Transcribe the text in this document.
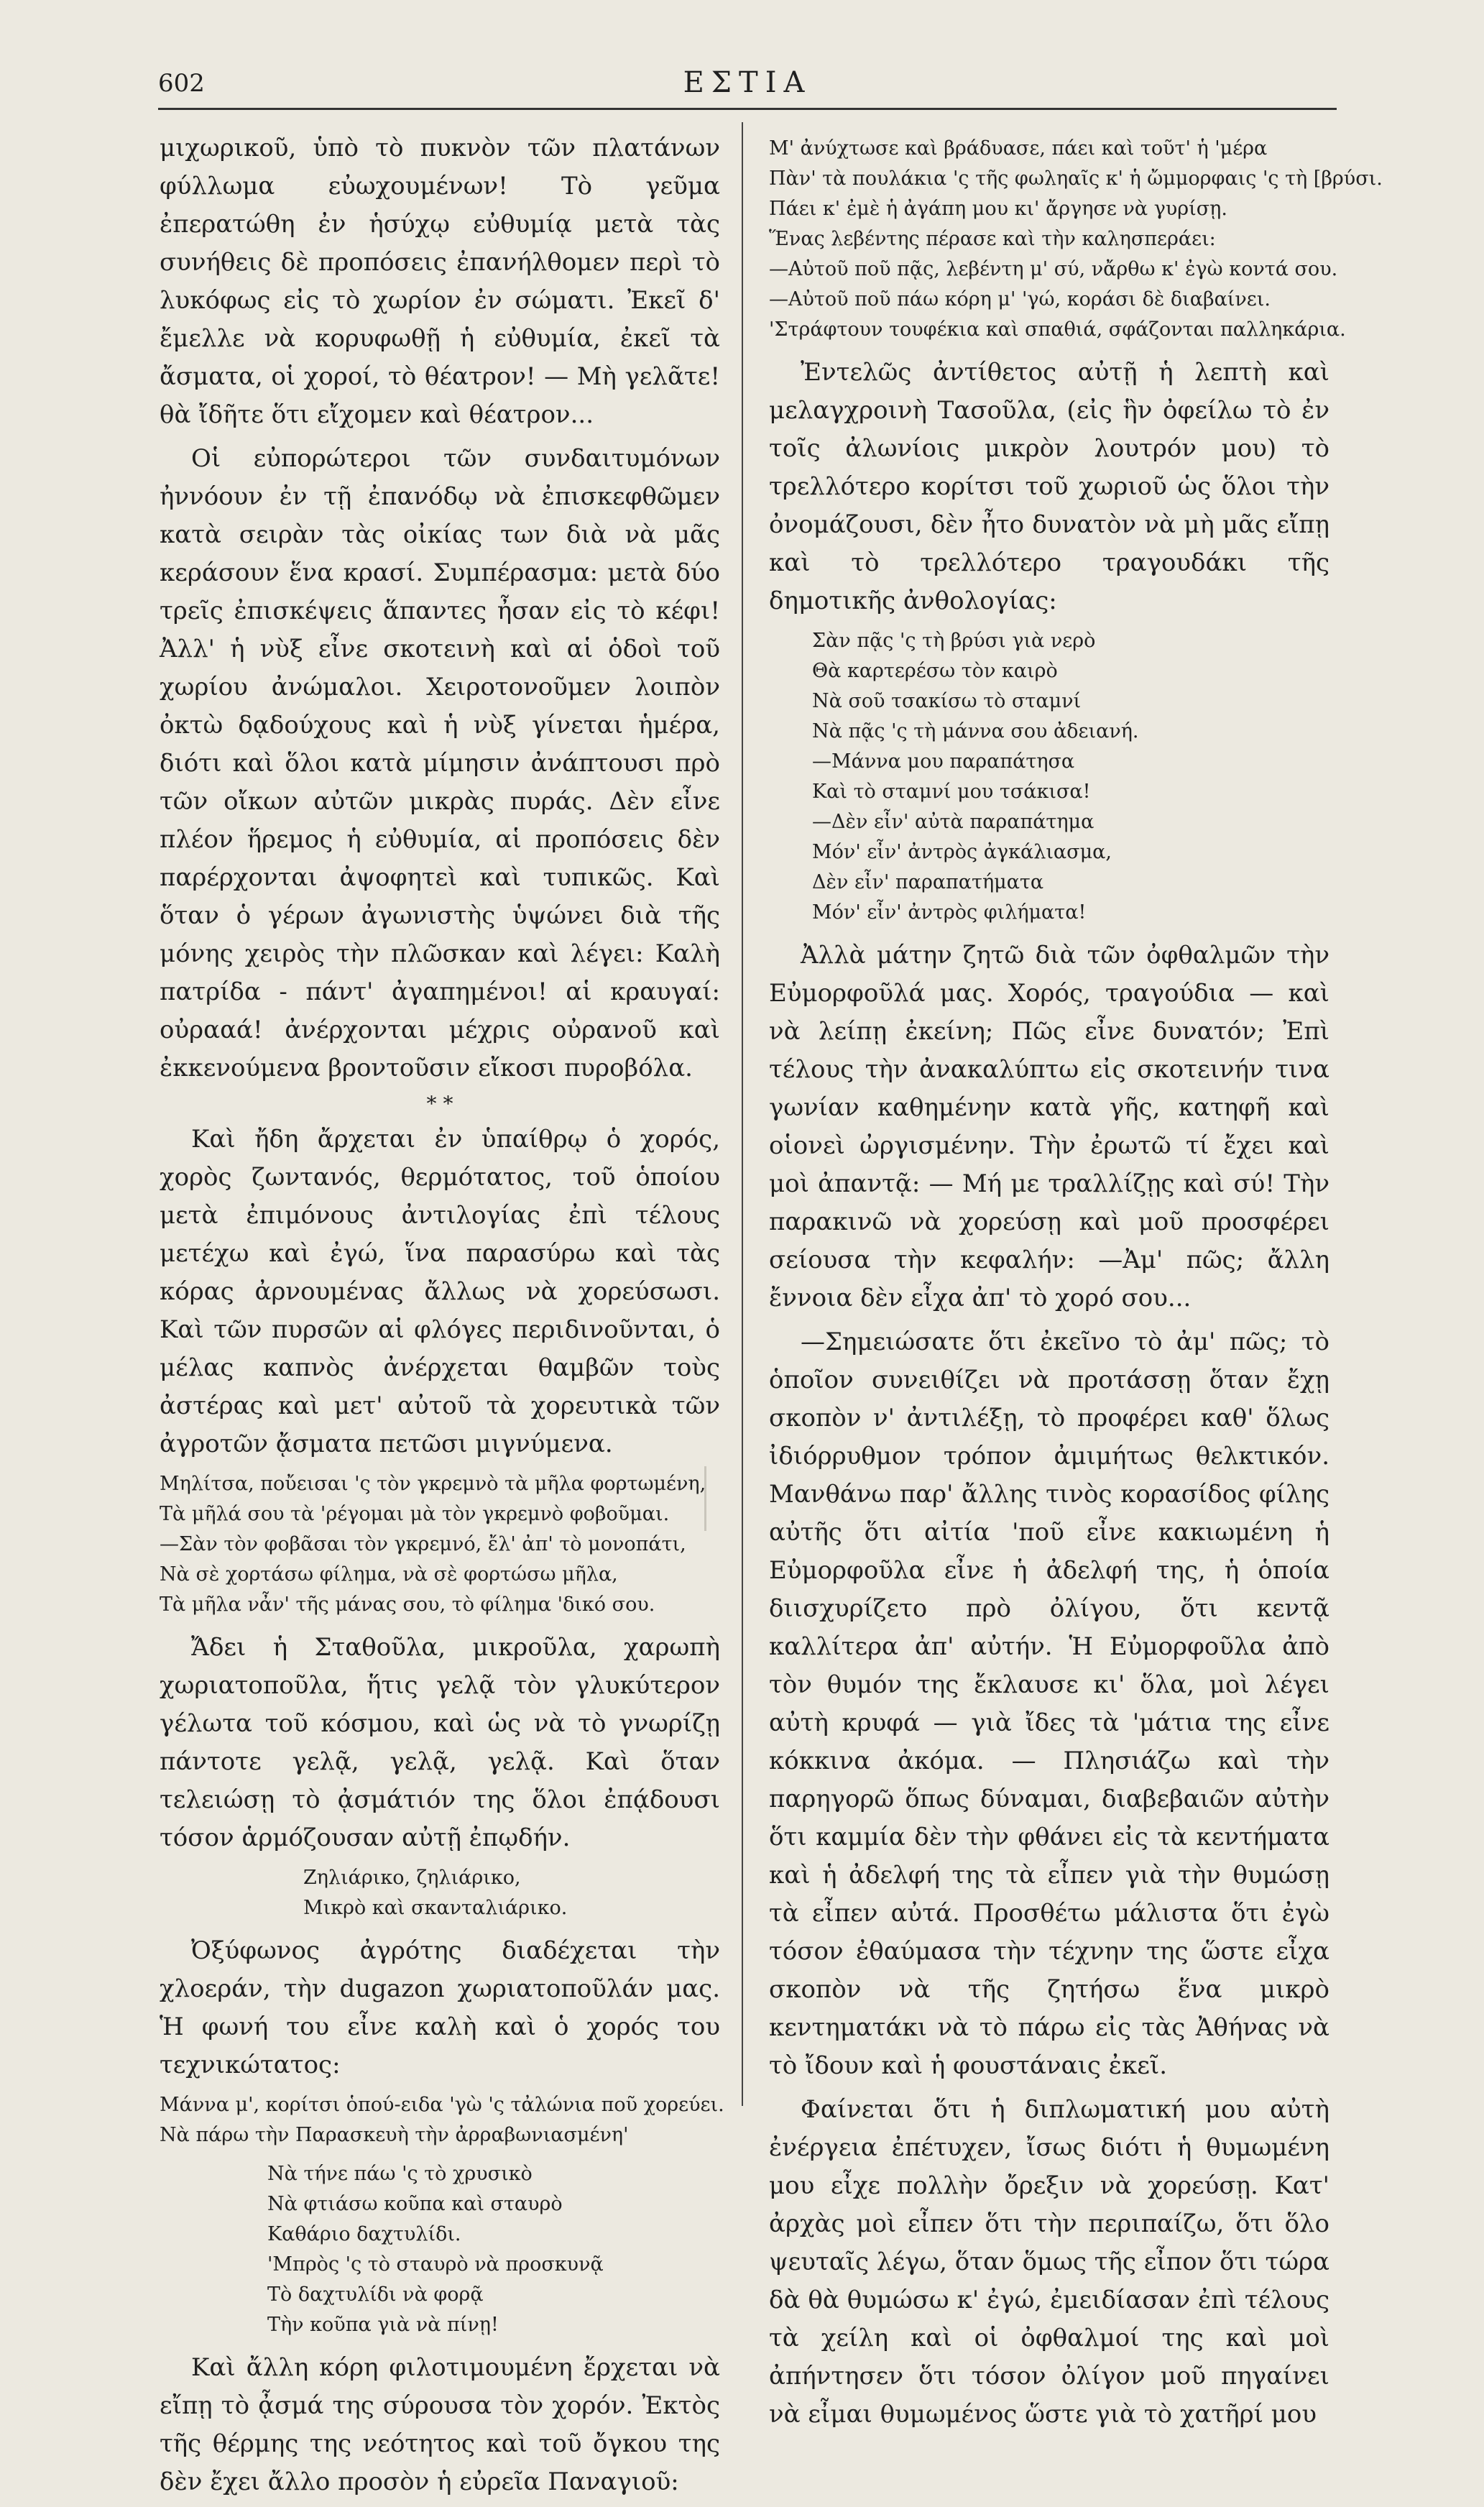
602	ΕΣΤΙΑ

μιχωρικοῦ, ὑπὸ τὸ πυκνὸν τῶν πλατάνων φύλλωμα εὐωχουμένων! Τὸ γεῦμα ἐπερατώθη ἐν ἡσύχῳ εὐθυμίᾳ μετὰ τὰς συνήθεις δὲ προπόσεις ἐπανήλθομεν περὶ τὸ λυκόφως εἰς τὸ χωρίον ἐν σώματι. Ἐκεῖ δ' ἔμελλε νὰ κορυφωθῇ ἡ εὐθυμία, ἐκεῖ τὰ ἄσματα, οἱ χοροί, τὸ θέατρον! — Μὴ γελᾶτε! θὰ ἴδῆτε ὅτι εἴχομεν καὶ θέατρον...

Οἱ εὐπορώτεροι τῶν συνδαιτυμόνων ἠννόουν ἐν τῇ ἐπανόδῳ νὰ ἐπισκεφθῶμεν κατὰ σειρὰν τὰς οἰκίας των διὰ νὰ μᾶς κεράσουν ἕνα κρασί. Συμπέρασμα: μετὰ δύο τρεῖς ἐπισκέψεις ἅπαντες ἦσαν εἰς τὸ κέφι! Ἀλλ' ἡ νὺξ εἶνε σκοτεινὴ καὶ αἱ ὁδοὶ τοῦ χωρίου ἀνώμαλοι. Χειροτονοῦμεν λοιπὸν ὀκτὼ δᾳδούχους καὶ ἡ νὺξ γίνεται ἡμέρα, διότι καὶ ὅλοι κατὰ μίμησιν ἀνάπτουσι πρὸ τῶν οἴκων αὐτῶν μικρὰς πυράς. Δὲν εἶνε πλέον ἥρεμος ἡ εὐθυμία, αἱ προπόσεις δὲν παρέρχονται ἀψοφητεὶ καὶ τυπικῶς. Καὶ ὅταν ὁ γέρων ἀγωνιστὴς ὑψώνει διὰ τῆς μόνης χειρὸς τὴν πλῶσκαν καὶ λέγει: Καλὴ πατρίδα - πάντ' ἀγαπημένοι! αἱ κραυγαί: οὐρααά! ἀνέρχονται μέχρις οὐρανοῦ καὶ ἐκκενούμενα βροντοῦσιν εἴκοσι πυροβόλα.

* *

Καὶ ἤδη ἄρχεται ἐν ὑπαίθρῳ ὁ χορός, χορὸς ζωντανός, θερμότατος, τοῦ ὁποίου μετὰ ἐπιμόνους ἀντιλογίας ἐπὶ τέλους μετέχω καὶ ἐγώ, ἵνα παρασύρω καὶ τὰς κόρας ἀρνουμένας ἄλλως νὰ χορεύσωσι. Καὶ τῶν πυρσῶν αἱ φλόγες περιδινοῦνται, ὁ μέλας καπνὸς ἀνέρχεται θαμβῶν τοὺς ἀστέρας καὶ μετ' αὐτοῦ τὰ χορευτικὰ τῶν ἀγροτῶν ᾄσματα πετῶσι μιγνύμενα.

Μηλίτσα, ποὔεισαι 'ς τὸν γκρεμνὸ τὰ μῆλα φορτωμένη,
Τὰ μῆλά σου τὰ 'ρέγομαι μὰ τὸν γκρεμνὸ φοβοῦμαι.
—Σὰν τὸν φοβᾶσαι τὸν γκρεμνό, ἔλ' ἀπ' τὸ μονοπάτι,
Νὰ σὲ χορτάσω φίλημα, νὰ σὲ φορτώσω μῆλα,
Τὰ μῆλα νἆν' τῆς μάνας σου, τὸ φίλημα 'δικό σου.

Ἄδει ἡ Σταθοῦλα, μικροῦλα, χαρωπὴ χωριατοποῦλα, ἥτις γελᾷ τὸν γλυκύτερον γέλωτα τοῦ κόσμου, καὶ ὡς νὰ τὸ γνωρίζῃ πάντοτε γελᾷ, γελᾷ, γελᾷ. Καὶ ὅταν τελειώσῃ τὸ ᾀσμάτιόν της ὅλοι ἐπᾴδουσι τόσον ἁρμόζουσαν αὐτῇ ἐπῳδήν.

Ζηλιάρικο, ζηλιάρικο,
Μικρὸ καὶ σκανταλιάρικο.

Ὀξύφωνος ἀγρότης διαδέχεται τὴν χλοεράν, τὴν dugazon χωριατοποῦλάν μας. Ἡ φωνή του εἶνε καλὴ καὶ ὁ χορός του τεχνικώτατος:

Μάννα μ', κορίτσι ὁπού-ειδα 'γὼ 'ς τἀλώνια ποῦ χορεύει.
Νὰ πάρω τὴν Παρασκευὴ τὴν ἀρραβωνιασμένη'
Νὰ τήνε πάω 'ς τὸ χρυσικὸ
Νὰ φτιάσω κοῦπα καὶ σταυρὸ
Καθάριο δαχτυλίδι.
'Μπρὸς 'ς τὸ σταυρὸ νὰ προσκυνᾷ
Τὸ δαχτυλίδι νὰ φορᾷ
Τὴν κοῦπα γιὰ νὰ πίνῃ!

Καὶ ἄλλη κόρη φιλοτιμουμένη ἔρχεται νὰ εἴπῃ τὸ ᾆσμά της σύρουσα τὸν χορόν. Ἐκτὸς τῆς θέρμης της νεότητος καὶ τοῦ ὄγκου της δὲν ἔχει ἄλλο προσὸν ἡ εὐρεῖα Παναγιοῦ:

Μ' ἀνύχτωσε καὶ βράδυασε, πάει καὶ τοῦτ' ἡ 'μέρα
Πὰν' τὰ πουλάκια 'ς τῆς φωληαῖς κ' ἡ ὤμμορφαις 'ς τὴ [βρύσι.
Πάει κ' ἐμὲ ἡ ἀγάπη μου κι' ἄργησε νὰ γυρίσῃ.
Ἕνας λεβέντης πέρασε καὶ τὴν καλησπεράει:
—Αὐτοῦ ποῦ πᾷς, λεβέντη μ' σύ, νἄρθω κ' ἐγὼ κοντά σου.
—Αὐτοῦ ποῦ πάω κόρη μ' 'γώ, κοράσι δὲ διαβαίνει.
'Στράφτουν τουφέκια καὶ σπαθιά, σφάζονται παλληκάρια.

Ἐντελῶς ἀντίθετος αὐτῇ ἡ λεπτὴ καὶ μελαγχροινὴ Τασοῦλα, (εἰς ἣν ὀφείλω τὸ ἐν τοῖς ἀλωνίοις μικρὸν λουτρόν μου) τὸ τρελλότερο κορίτσι τοῦ χωριοῦ ὡς ὅλοι τὴν ὀνομάζουσι, δὲν ἦτο δυνατὸν νὰ μὴ μᾶς εἴπῃ καὶ τὸ τρελλότερο τραγουδάκι τῆς δημοτικῆς ἀνθολογίας:

Σὰν πᾷς 'ς τὴ βρύσι γιὰ νερὸ
Θὰ καρτερέσω τὸν καιρὸ
Νὰ σοῦ τσακίσω τὸ σταμνί
Νὰ πᾷς 'ς τὴ μάννα σου ἀδειανή.
—Μάννα μου παραπάτησα
Καὶ τὸ σταμνί μου τσάκισα!
—Δὲν εἶν' αὐτὰ παραπάτημα
Μόν' εἶν' ἀντρὸς ἀγκάλιασμα,
Δὲν εἶν' παραπατήματα
Μόν' εἶν' ἀντρὸς φιλήματα!

Ἀλλὰ μάτην ζητῶ διὰ τῶν ὀφθαλμῶν τὴν Εὐμορφοῦλά μας. Χορός, τραγούδια — καὶ νὰ λείπῃ ἐκείνη; Πῶς εἶνε δυνατόν; Ἐπὶ τέλους τὴν ἀνακαλύπτω εἰς σκοτεινήν τινα γωνίαν καθημένην κατὰ γῆς, κατηφῆ καὶ οἱονεὶ ὠργισμένην. Τὴν ἐρωτῶ τί ἔχει καὶ μοὶ ἀπαντᾷ: — Μή με τραλλίζῃς καὶ σύ! Τὴν παρακινῶ νὰ χορεύσῃ καὶ μοῦ προσφέρει σείουσα τὴν κεφαλήν: —Ἀμ' πῶς; ἄλλη ἔννοια δὲν εἶχα ἀπ' τὸ χορό σου...

—Σημειώσατε ὅτι ἐκεῖνο τὸ ἀμ' πῶς; τὸ ὁποῖον συνειθίζει νὰ προτάσσῃ ὅταν ἔχῃ σκοπὸν ν' ἀντιλέξῃ, τὸ προφέρει καθ' ὅλως ἰδιόρρυθμον τρόπον ἀμιμήτως θελκτικόν. Μανθάνω παρ' ἄλλης τινὸς κορασίδος φίλης αὐτῆς ὅτι αἰτία 'ποῦ εἶνε κακιωμένη ἡ Εὐμορφοῦλα εἶνε ἡ ἀδελφή της, ἡ ὁποία διισχυρίζετο πρὸ ὀλίγου, ὅτι κεντᾷ καλλίτερα ἀπ' αὐτήν. Ἡ Εὐμορφοῦλα ἀπὸ τὸν θυμόν της ἔκλαυσε κι' ὅλα, μοὶ λέγει αὐτὴ κρυφά — γιὰ ἴδες τὰ 'μάτια της εἶνε κόκκινα ἀκόμα. — Πλησιάζω καὶ τὴν παρηγορῶ ὅπως δύναμαι, διαβεβαιῶν αὐτὴν ὅτι καμμία δὲν τὴν φθάνει εἰς τὰ κεντήματα καὶ ἡ ἀδελφή της τὰ εἶπεν γιὰ τὴν θυμώσῃ τὰ εἶπεν αὐτά. Προσθέτω μάλιστα ὅτι ἐγὼ τόσον ἐθαύμασα τὴν τέχνην της ὥστε εἶχα σκοπὸν νὰ τῆς ζητήσω ἕνα μικρὸ κεντηματάκι νὰ τὸ πάρω εἰς τὰς Ἀθήνας νὰ τὸ ἴδουν καὶ ἡ φουστάναις ἐκεῖ.

Φαίνεται ὅτι ἡ διπλωματική μου αὐτὴ ἐνέργεια ἐπέτυχεν, ἴσως διότι ἡ θυμωμένη μου εἶχε πολλὴν ὄρεξιν νὰ χορεύσῃ. Κατ' ἀρχὰς μοὶ εἶπεν ὅτι τὴν περιπαίζω, ὅτι ὅλο ψευταῖς λέγω, ὅταν ὅμως τῆς εἶπον ὅτι τώρα δὰ θὰ θυμώσω κ' ἐγώ, ἐμειδίασαν ἐπὶ τέλους τὰ χείλη καὶ οἱ ὀφθαλμοί της καὶ μοὶ ἀπήντησεν ὅτι τόσον ὀλίγον μοῦ πηγαίνει νὰ εἶμαι θυμωμένος ὥστε γιὰ τὸ χατῆρί μου
